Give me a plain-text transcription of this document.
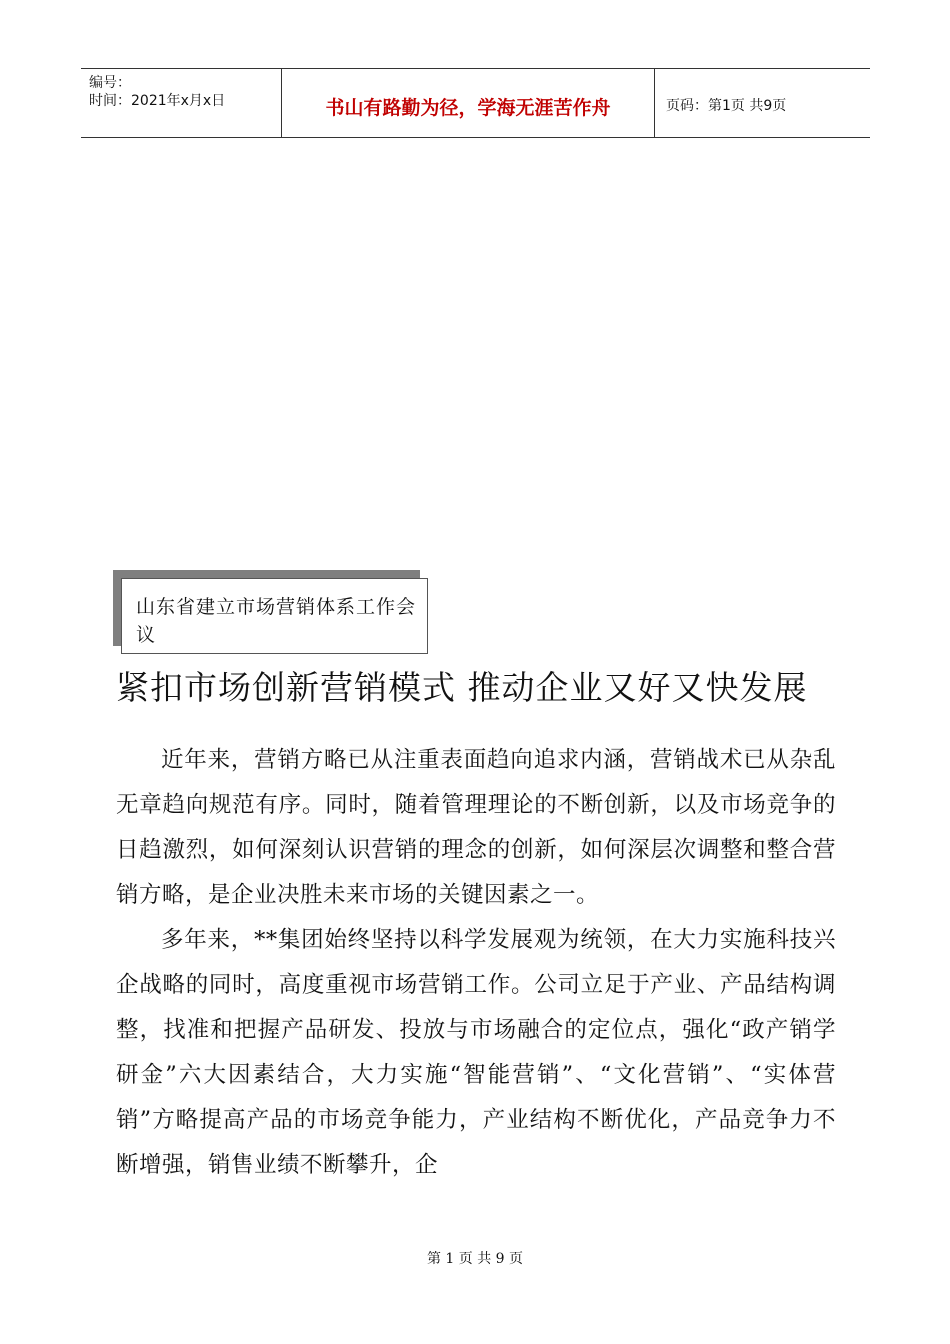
编号：
时间：2021年x月x日	书山有路勤为径，学海无涯苦作舟	页码：第1页 共9页
山东省建立市场营销体系工作会议
紧扣市场创新营销模式 推动企业又好又快发展

近年来，营销方略已从注重表面趋向追求内涵，营销战术已从杂乱无章趋向规范有序。同时，随着管理理论的不断创新，以及市场竞争的日趋激烈，如何深刻认识营销的理念的创新，如何深层次调整和整合营销方略，是企业决胜未来市场的关键因素之一。

多年来，**集团始终坚持以科学发展观为统领，在大力实施科技兴企战略的同时，高度重视市场营销工作。公司立足于产业、产品结构调整，找准和把握产品研发、投放与市场融合的定位点，强化“政产销学研金”六大因素结合，大力实施“智能营销”、“文化营销”、“实体营销”方略提高产品的市场竞争能力，产业结构不断优化，产品竞争力不断增强，销售业绩不断攀升，企

第 1 页 共 9 页
